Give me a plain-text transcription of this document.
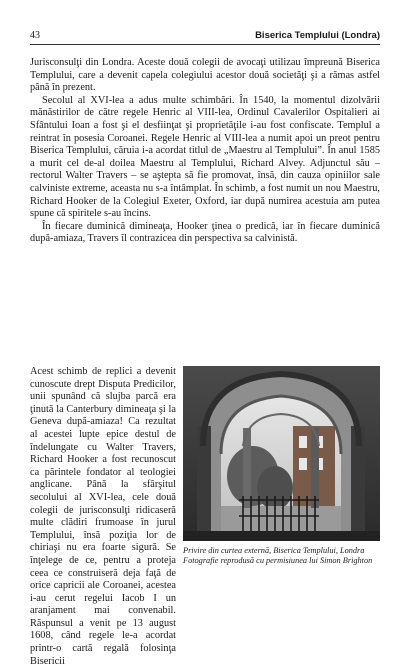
43	Biserica Templului (Londra)

Jurisconsulţi din Londra. Aceste două colegii de avocaţi utilizau împreună Biserica Templului, care a devenit capela colegiului acestor două societăţi şi a rămas astfel până în prezent.

Secolul al XVI-lea a adus multe schimbări. În 1540, la momentul dizolvării mănăstirilor de către regele Henric al VIII-lea, Ordinul Cavalerilor Ospitalieri ai Sfântului Ioan a fost şi el desfiinţat şi proprietăţile i-au fost confiscate. Templul a reintrat în posesia Coroanei. Regele Henric al VIII-lea a numit apoi un preot pentru Biserica Templului, căruia i-a acordat titlul de „Maestru al Templului”. În anul 1585 a murit cel de-al doilea Maestru al Templului, Richard Alvey. Adjunctul său – rectorul Walter Travers – se aştepta să fie promovat, însă, din cauza opiniilor sale calviniste extreme, aceasta nu s-a întâmplat. În schimb, a fost numit un nou Maestru, Richard Hooker de la Colegiul Exeter, Oxford, iar după numirea acestuia am putea spune că spiritele s-au încins.

În fiecare duminică dimineaţa, Hooker ţinea o predică, iar în fiecare duminică după-amiaza, Travers îl contrazicea din perspectiva sa calvinistă.

Acest schimb de replici a devenit cunoscute drept Disputa Predicilor, unii spunând că slujba parcă era ţinută la Canterbury dimineaţa şi la Geneva după-amiaza! Ca rezultat al acestei lupte epice destul de îndelungate cu Walter Travers, Richard Hooker a fost recunoscut ca părintele fondator al teologiei anglicane. Până la sfârşitul secolului al XVI-lea, cele două colegii de jurisconsulţi ridicaseră multe clădiri frumoase în jurul Templului, însă poziţia lor de chiriaşi nu era foarte sigură. Se înţelege de ce, pentru a proteja ceea ce construiseră deja faţă de orice capricii ale Coroanei, acestea i-au cerut regelui Iacob I un aranjament mai convenabil. Răspunsul a venit pe 13 august 1608, când regele le-a acordat printr-o cartă regală folosinţa Bisericii

Privire din curtea externă, Biserica Templului, Londra
Fotografie reprodusă cu permisiunea lui Simon Brighton
